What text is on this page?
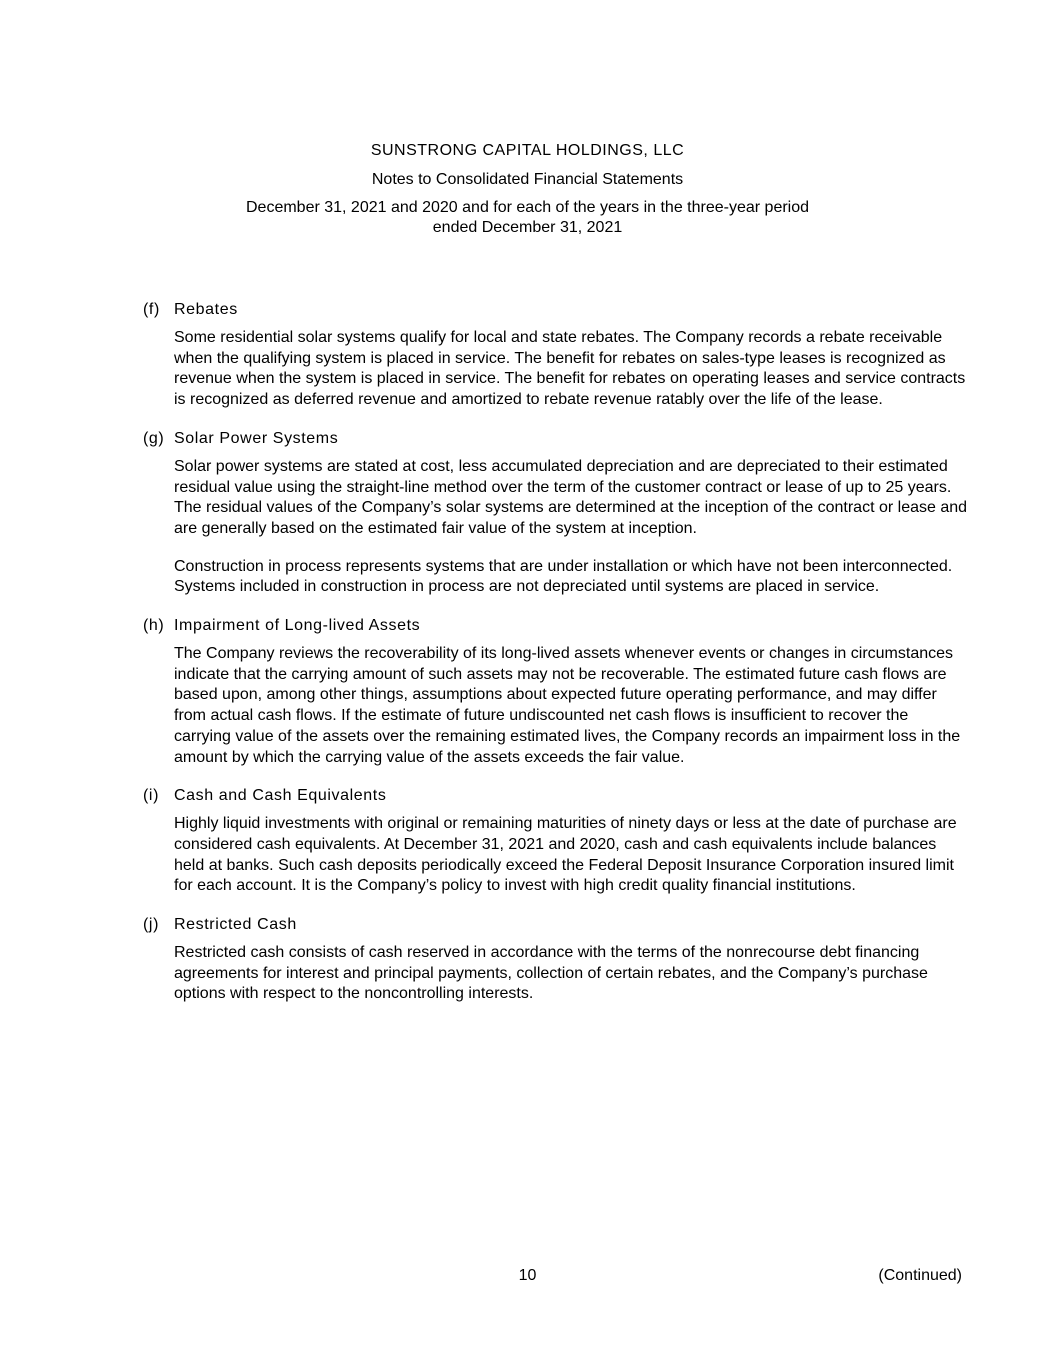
SUNSTRONG CAPITAL HOLDINGS, LLC
Notes to Consolidated Financial Statements
December 31, 2021 and 2020 and for each of the years in the three-year period ended December 31, 2021
(f) Rebates

Some residential solar systems qualify for local and state rebates. The Company records a rebate receivable when the qualifying system is placed in service. The benefit for rebates on sales-type leases is recognized as revenue when the system is placed in service. The benefit for rebates on operating leases and service contracts is recognized as deferred revenue and amortized to rebate revenue ratably over the life of the lease.

(g) Solar Power Systems

Solar power systems are stated at cost, less accumulated depreciation and are depreciated to their estimated residual value using the straight-line method over the term of the customer contract or lease of up to 25 years. The residual values of the Company’s solar systems are determined at the inception of the contract or lease and are generally based on the estimated fair value of the system at inception.

Construction in process represents systems that are under installation or which have not been interconnected. Systems included in construction in process are not depreciated until systems are placed in service.

(h) Impairment of Long-lived Assets

The Company reviews the recoverability of its long-lived assets whenever events or changes in circumstances indicate that the carrying amount of such assets may not be recoverable. The estimated future cash flows are based upon, among other things, assumptions about expected future operating performance, and may differ from actual cash flows. If the estimate of future undiscounted net cash flows is insufficient to recover the carrying value of the assets over the remaining estimated lives, the Company records an impairment loss in the amount by which the carrying value of the assets exceeds the fair value.

(i) Cash and Cash Equivalents

Highly liquid investments with original or remaining maturities of ninety days or less at the date of purchase are considered cash equivalents. At December 31, 2021 and 2020, cash and cash equivalents include balances held at banks. Such cash deposits periodically exceed the Federal Deposit Insurance Corporation insured limit for each account. It is the Company’s policy to invest with high credit quality financial institutions.

(j) Restricted Cash

Restricted cash consists of cash reserved in accordance with the terms of the nonrecourse debt financing agreements for interest and principal payments, collection of certain rebates, and the Company’s purchase options with respect to the noncontrolling interests.

10	(Continued)
